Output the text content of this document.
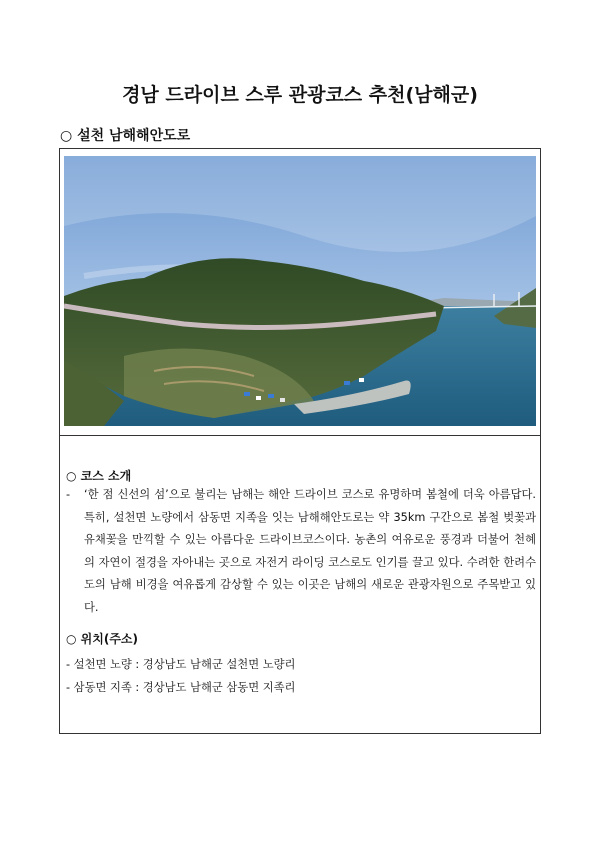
경남 드라이브 스루 관광코스 추천(남해군)
○ 설천 남해해안도로
○ 코스 소개
- ‘한 점 신선의 섬’으로 불리는 남해는 해안 드라이브 코스로 유명하며 봄철에 더욱 아름답다. 특히, 설천면 노량에서 삼동면 지족을 잇는 남해해안도로는 약 35km 구간으로 봄철 벚꽃과 유채꽃을 만끽할 수 있는 아름다운 드라이브코스이다. 농촌의 여유로운 풍경과 더불어 천혜의 자연이 절경을 자아내는 곳으로 자전거 라이딩 코스로도 인기를 끌고 있다. 수려한 한려수도의 남해 비경을 여유롭게 감상할 수 있는 이곳은 남해의 새로운 관광자원으로 주목받고 있다.
○ 위치(주소)
- 설천면 노량 : 경상남도 남해군 설천면 노량리
- 삼동면 지족 : 경상남도 남해군 삼동면 지족리
